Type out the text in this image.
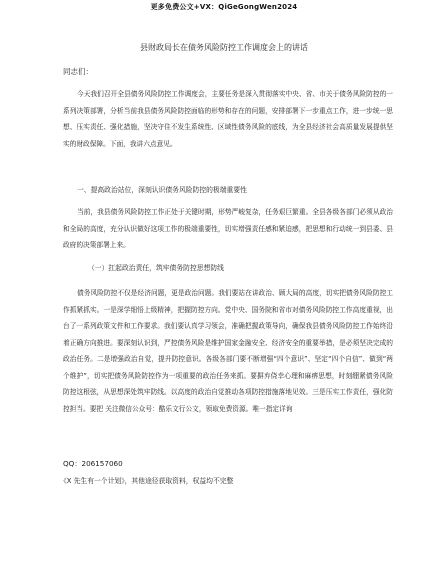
更多免费公文+VX：QiGeGongWen2024
县财政局长在债务风险防控工作调度会上的讲话
同志们：
今天我们召开全县债务风险防控工作调度会，主要任务是深入贯彻落实中央、省、市关于债务风险防控的一系列决策部署，分析当前我县债务风险防控面临的形势和存在的问题，安排部署下一步重点工作，进一步统一思想、压实责任、强化措施，坚决守住不发生系统性、区域性债务风险的底线，为全县经济社会高质量发展提供坚实的财政保障。下面，我讲六点意见。
一、提高政治站位，深刻认识债务风险防控的极端重要性
当前，我县债务风险防控工作正处于关键时期，形势严峻复杂，任务艰巨繁重。全县各级各部门必须从政治和全局的高度，充分认识做好这项工作的极端重要性，切实增强责任感和紧迫感，把思想和行动统一到县委、县政府的决策部署上来。
（一）扛起政治责任，筑牢债务防控思想防线
债务风险防控不仅是经济问题，更是政治问题。我们要站在讲政治、顾大局的高度，切实把债务风险防控工作抓紧抓实。一是深学细悟上级精神，把握防控方向。党中央、国务院和省市对债务风险防控工作高度重视，出台了一系列政策文件和工作要求。我们要认真学习领会，准确把握政策导向，确保我县债务风险防控工作始终沿着正确方向推进。要深刻认识到，严控债务风险是维护国家金融安全、经济安全的重要举措，是必须坚决完成的政治任务。二是增强政治自觉，提升防控意识。各级各部门要不断增强“四个意识”、坚定“四个自信”、做到“两个维护”，切实把债务风险防控作为一项重要的政治任务来抓。要摒弃侥幸心理和麻痹思想，时刻绷紧债务风险防控这根弦，从思想深处筑牢防线。以高度的政治自觉推动各项防控措施落地见效。三是压实工作责任，强化防控担当。要把 关注微信公众号：酷乐文行公文，领取免费资源。唯一指定详询
QQ：206157060
《X 先生有一个计划》，其他途径获取资料，权益均不完整
